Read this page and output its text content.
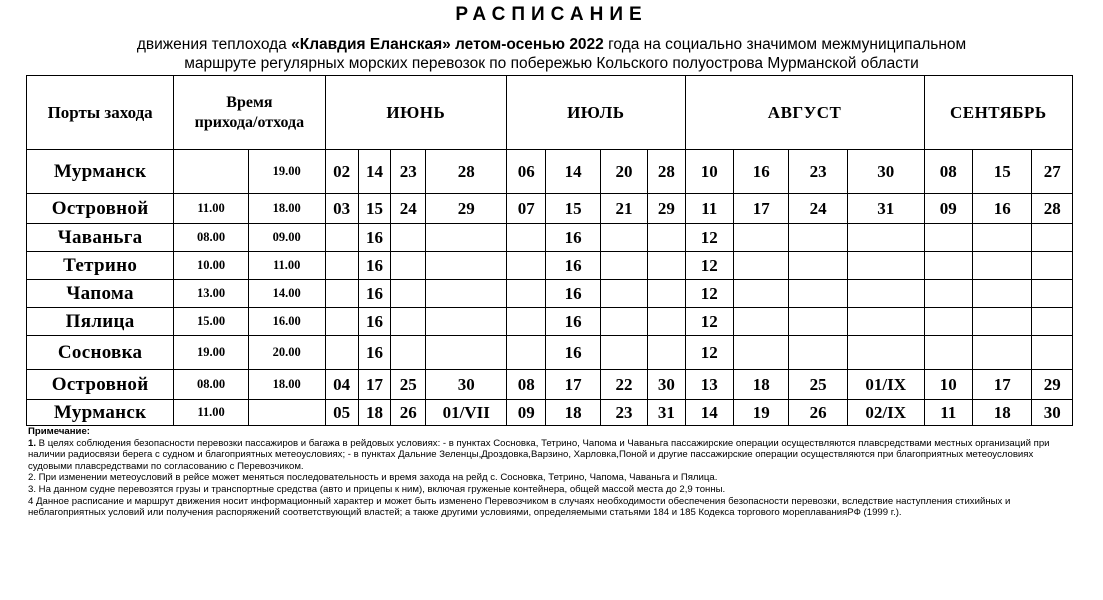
РАСПИСАНИЕ
движения теплохода «Клавдия Еланская» летом-осенью 2022 года на социально значимом межмуниципальном
маршруте регулярных морских перевозок по побережью Кольского полуострова Мурманской области
Порты захода	Время
прихода/отхода		ИЮНЬ				ИЮЛЬ				АВГУСТ				СЕНТЯБРЬ		
Мурманск		19.00	02	14	23	28	06	14	20	28	10	16	23	30	08	15	27
Островной	11.00	18.00	03	15	24	29	07	15	21	29	11	17	24	31	09	16	28
Чаваньга	08.00	09.00		16				16			12						
Тетрино	10.00	11.00		16				16			12						
Чапома	13.00	14.00		16				16			12						
Пялица	15.00	16.00		16				16			12						
Сосновка	19.00	20.00		16				16			12						
Островной	08.00	18.00	04	17	25	30	08	17	22	30	13	18	25	01/IX	10	17	29
Мурманск	11.00		05	18	26	01/VII	09	18	23	31	14	19	26	02/IX	11	18	30
Примечание:
1. В целях соблюдения безопасности перевозки пассажиров и багажа в рейдовых условиях: - в пунктах Сосновка, Тетрино, Чапома и Чаваньга пассажирские операции осуществляются плавсредствами местных организаций при наличии радиосвязи берега с судном и благоприятных метеоусловиях; - в пунктах Дальние Зеленцы,Дроздовка,Варзино, Харловка,Поной и другие пассажирские операции осуществляются при благоприятных метеоусловиях судовыми плавсредствами по согласованию с Перевозчиком.
2. При изменении метеоусловий в рейсе может меняться последовательность и время захода на рейд с. Сосновка, Тетрино, Чапома, Чаваньга и Пялица.
3. На данном судне перевозятся грузы и транспортные средства (авто и прицепы к ним), включая груженые контейнера, общей массой места до 2,9 тонны.
4 Данное расписание и маршрут движения носит информационный характер и может быть изменено Перевозчиком в случаях необходимости обеспечения безопасности перевозки, вследствие наступления стихийных и неблагоприятных условий или получения распоряжений соответствующий властей; а также другими условиями, определяемыми статьями 184 и 185 Кодекса торгового мореплаванияРФ (1999 г.).
